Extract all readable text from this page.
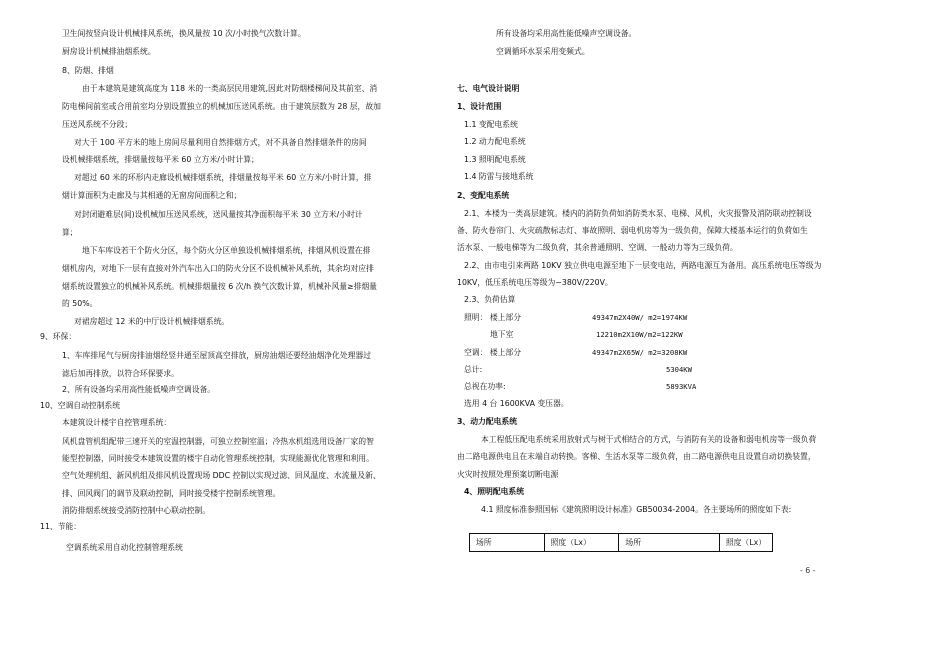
卫生间按竖向设计机械排风系统，换风量按 10 次/小时换气次数计算。
厨房设计机械排油烟系统。
8、防烟、排烟
由于本建筑是建筑高度为 118 米的一类高层民用建筑,因此对防烟楼梯间及其前室、消
防电梯间前室或合用前室均分别设置独立的机械加压送风系统。由于建筑层数为 28 层，故加
压送风系统不分段；
对大于 100 平方米的地上房间尽量利用自然排烟方式，对不具备自然排烟条件的房间
设机械排烟系统，排烟量按每平米 60 立方米/小时计算；
对超过 60 米的环形内走廊设机械排烟系统，排烟量按每平米 60 立方米/小时计算，排
烟计算面积为走廊及与其相通的无窗房间面积之和；
对封闭避难层(间)设机械加压送风系统，送风量按其净面积每平米 30 立方米/小时计
算；
地下车库设若干个防火分区，每个防火分区单独设机械排烟系统，排烟风机设置在排
烟机房内，对地下一层有直接对外汽车出入口的防火分区不设机械补风系统，其余均对应排
烟系统设置独立的机械补风系统。机械排烟量按 6 次/h 换气次数计算，机械补风量≥排烟量
的 50%。
对裙房超过 12 米的中厅设计机械排烟系统。
9、环保：
1、车库排尾气与厨房排油烟经竖井通至屋顶高空排放，厨房油烟还要经油烟净化处理器过
滤后加再排放，以符合环保要求。
2、所有设备均采用高性能低噪声空调设备。
10、空调自动控制系统
本建筑设计楼宇自控管理系统：
风机盘管机组配带三速开关的室温控制器，可独立控制室温；冷热水机组选用设备厂家的智
能型控制器，同时接受本建筑设置的楼宇自动化管理系统控制，实现能源优化管理和利用。
空气处理机组、新风机组及排风机设置现场 DDC 控制以实现过滤、回风温度、水流量及新、
排、回风阀门的调节及联动控制，同时接受楼宇控制系统管理。
消防排烟系统接受消防控制中心联动控制。
11、节能：
空调系统采用自动化控制管理系统
所有设备均采用高性能低噪声空调设备。
空调循环水泵采用变频式。
七、电气设计说明
1、设计范围
1.1 变配电系统
1.2 动力配电系统
1.3 照明配电系统
1.4 防雷与接地系统
2、变配电系统
2.1、本楼为一类高层建筑。楼内的消防负荷如消防类水泵、电梯、风机，火灾报警及消防联动控制设
备、防火卷帘门、火灾疏散标志灯、事故照明、弱电机房等为一级负荷，保障大楼基本运行的负荷如生
活水泵、一般电梯等为二级负荷，其余普通照明、空调、一般动力等为三级负荷。
2.2、由市电引来两路 10KV 独立供电电源至地下一层变电站，两路电源互为备用。高压系统电压等级为
10KV，低压系统电压等级为~380V/220V。
2.3、负荷估算
照明： 楼上部分	49347m2X40W/ m2=1974KW
地下室	12210m2X10W/m2=122KW
空调： 楼上部分	49347m2X65W/ m2=3208KW
总计:	5304KW
总视在功率:	5893KVA
选用 4 台 1600KVA 变压器。
3、动力配电系统
本工程低压配电系统采用放射式与树干式相结合的方式，与消防有关的设备和弱电机房等一级负荷
由二路电源供电且在末端自动转换。客梯、生活水泵等二级负荷，由二路电源供电且设置自动切换装置，
火灾时按照处理预案切断电源
4、照明配电系统
4.1 照度标准参照国标《建筑照明设计标准》GB50034-2004。各主要场所的照度如下表:
场所	照度（Lx）	场所	照度（Lx）
- 6 -
